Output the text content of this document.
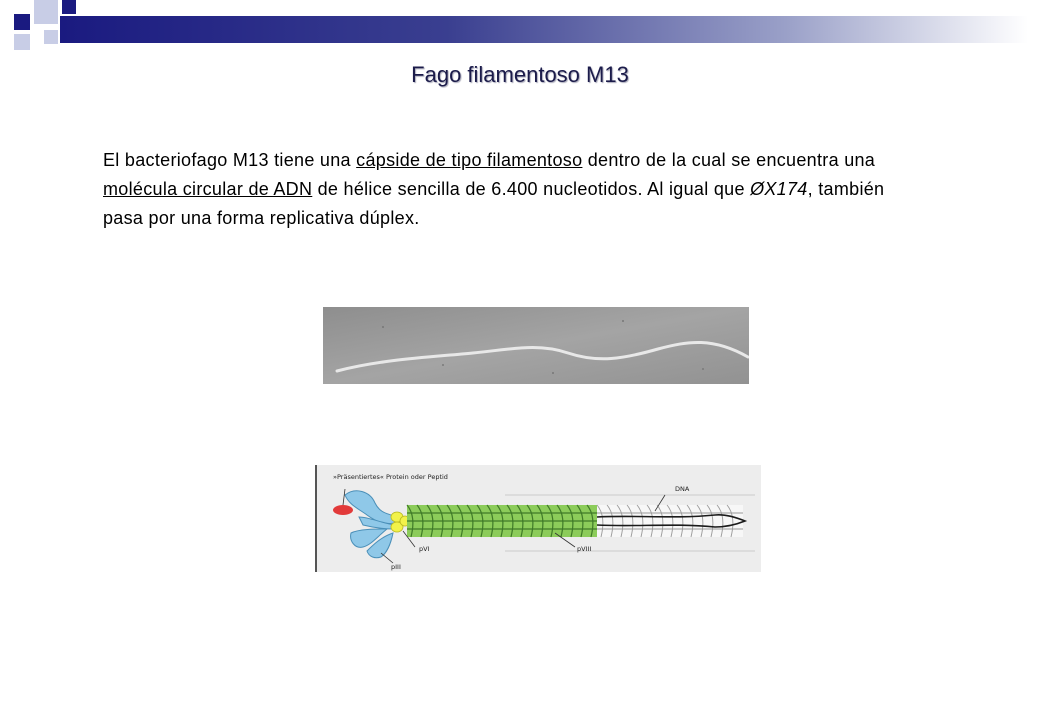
Fago filamentoso M13
El bacteriofago M13 tiene una cápside de tipo filamentoso dentro de la cual se encuentra una molécula circular de ADN de hélice sencilla de 6.400 nucleotidos. Al igual que ØX174, también pasa por una forma replicativa dúplex.
»Präsentiertes« Protein oder Peptid
DNA
pVI	pVIII
pIII
